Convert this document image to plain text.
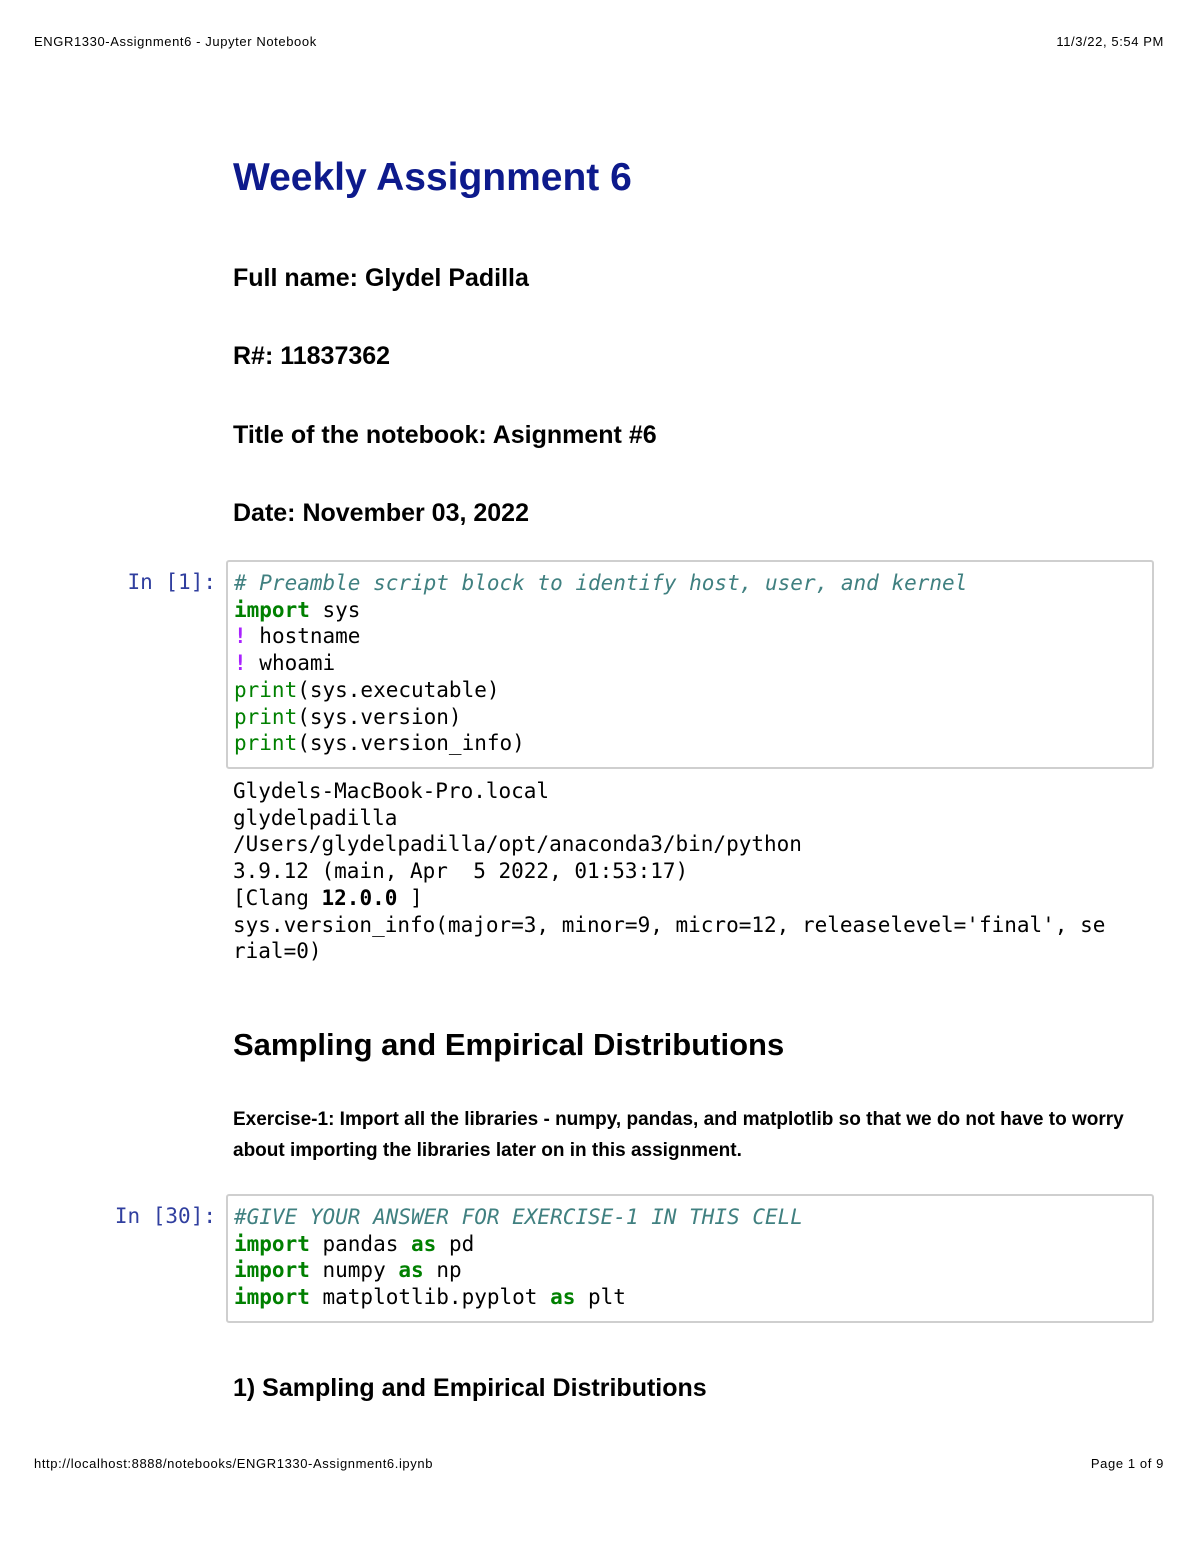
ENGR1330-Assignment6 - Jupyter Notebook	11/3/22, 5:54 PM
Weekly Assignment 6
Full name: Glydel Padilla
R#: 11837362
Title of the notebook: Asignment #6
Date: November 03, 2022
In [1]: # Preamble script block to identify host, user, and kernel
import sys
! hostname
! whoami
print(sys.executable)
print(sys.version)
print(sys.version_info)
Glydels-MacBook-Pro.local
glydelpadilla
/Users/glydelpadilla/opt/anaconda3/bin/python
3.9.12 (main, Apr  5 2022, 01:53:17)
[Clang 12.0.0 ]
sys.version_info(major=3, minor=9, micro=12, releaselevel='final', se
rial=0)
Sampling and Empirical Distributions
Exercise-1: Import all the libraries - numpy, pandas, and matplotlib so that we do not have to worry about importing the libraries later on in this assignment.
In [30]: #GIVE YOUR ANSWER FOR EXERCISE-1 IN THIS CELL
import pandas as pd
import numpy as np
import matplotlib.pyplot as plt
1) Sampling and Empirical Distributions
http://localhost:8888/notebooks/ENGR1330-Assignment6.ipynb	Page 1 of 9
